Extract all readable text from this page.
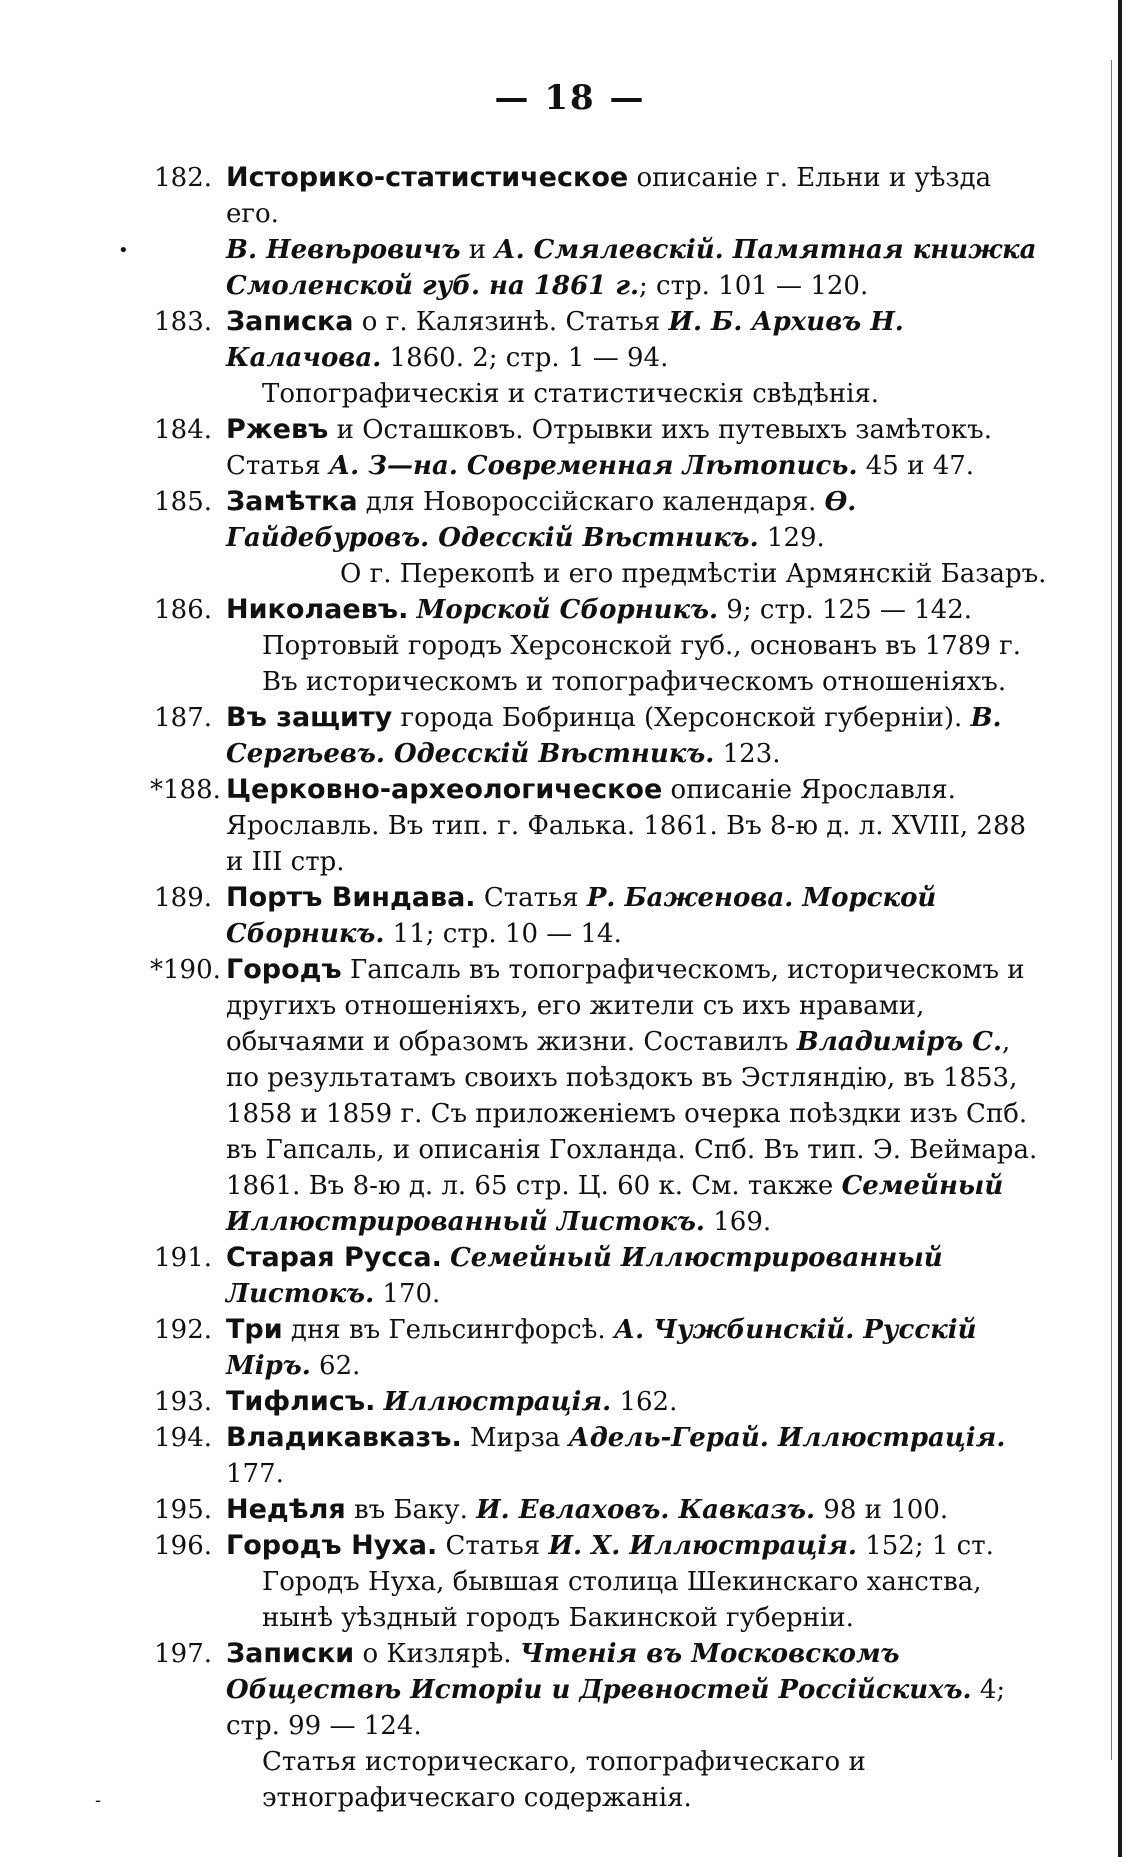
•
-
— 18 —
182. Историко-статистическое описаніе г. Ельни и уѣзда его.
В. Невѣровичъ и А. Смялевскій. Памятная книжка Смоленской губ. на 1861 г.; стр. 101 — 120.
183. Записка о г. Калязинѣ. Статья И. Б. Архивъ Н. Калачова. 1860. 2; стр. 1 — 94.
Топографическія и статистическія свѣдѣнія.
184. Ржевъ и Осташковъ. Отрывки ихъ путевыхъ замѣтокъ. Статья А. З—на. Современная Лѣтопись. 45 и 47.
185. Замѣтка для Новороссійскаго календаря. Ѳ. Гайдебуровъ. Одесскій Вѣстникъ. 129.
О г. Перекопѣ и его предмѣстіи Армянскій Базаръ.
186. Николаевъ. Морской Сборникъ. 9; стр. 125 — 142.
Портовый городъ Херсонской губ., основанъ въ 1789 г.
Въ историческомъ и топографическомъ отношеніяхъ.
187. Въ защиту города Бобринца (Херсонской губерніи). В. Сергѣевъ. Одесскій Вѣстникъ. 123.
*188. Церковно-археологическое описаніе Ярославля. Ярославль. Въ тип. г. Фалька. 1861. Въ 8-ю д. л. XVIII, 288 и III стр.
189. Портъ Виндава. Статья Р. Баженова. Морской Сборникъ. 11; стр. 10 — 14.
*190. Городъ Гапсаль въ топографическомъ, историческомъ и другихъ отношеніяхъ, его жители съ ихъ нравами, обычаями и образомъ жизни. Составилъ Владиміръ С., по результатамъ своихъ поѣздокъ въ Эстляндію, въ 1853, 1858 и 1859 г. Съ приложеніемъ очерка поѣздки изъ Спб. въ Гапсаль, и описанія Гохланда. Спб. Въ тип. Э. Веймара. 1861. Въ 8-ю д. л. 65 стр. Ц. 60 к. См. также Семейный Иллюстрированный Листокъ. 169.
191. Старая Русса. Семейный Иллюстрированный Листокъ. 170.
192. Три дня въ Гельсингфорсѣ. А. Чужбинскій. Русскій Міръ. 62.
193. Тифлисъ. Иллюстрація. 162.
194. Владикавказъ. Мирза Адель-Герай. Иллюстрація. 177.
195. Недѣля въ Баку. И. Евлаховъ. Кавказъ. 98 и 100.
196. Городъ Нуха. Статья И. Х. Иллюстрація. 152; 1 ст.
Городъ Нуха, бывшая столица Шекинскаго ханства, нынѣ уѣздный городъ Бакинской губерніи.
197. Записки о Кизлярѣ. Чтенія въ Московскомъ Обществѣ Исторіи и Древностей Россійскихъ. 4; стр. 99 — 124.
Статья историческаго, топографическаго и этнографическаго содержанія.
